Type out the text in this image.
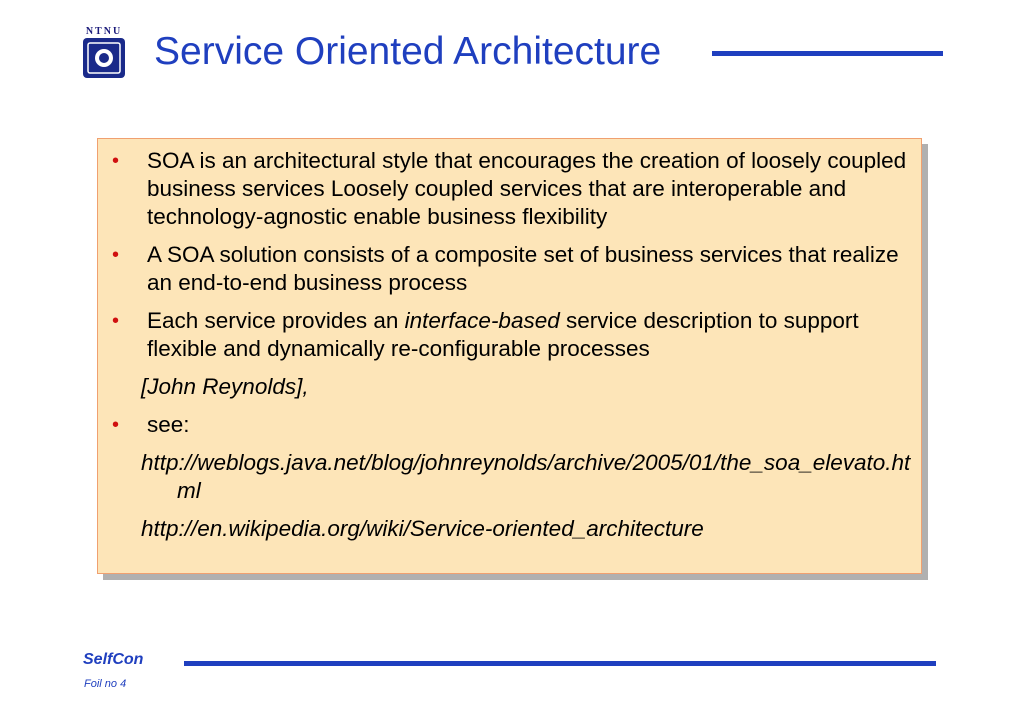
NTNU Service Oriented Architecture
• SOA is an architectural style that encourages the creation of loosely coupled business services Loosely coupled services that are interoperable and technology-agnostic enable business flexibility
• A SOA solution consists of a composite set of business services that realize an end-to-end business process
• Each service provides an interface-based service description to support flexible and dynamically re-configurable processes
[John Reynolds],
• see:
http://weblogs.java.net/blog/johnreynolds/archive/2005/01/the_soa_elevato.html
http://en.wikipedia.org/wiki/Service-oriented_architecture
SelfCon
Foil no 4
